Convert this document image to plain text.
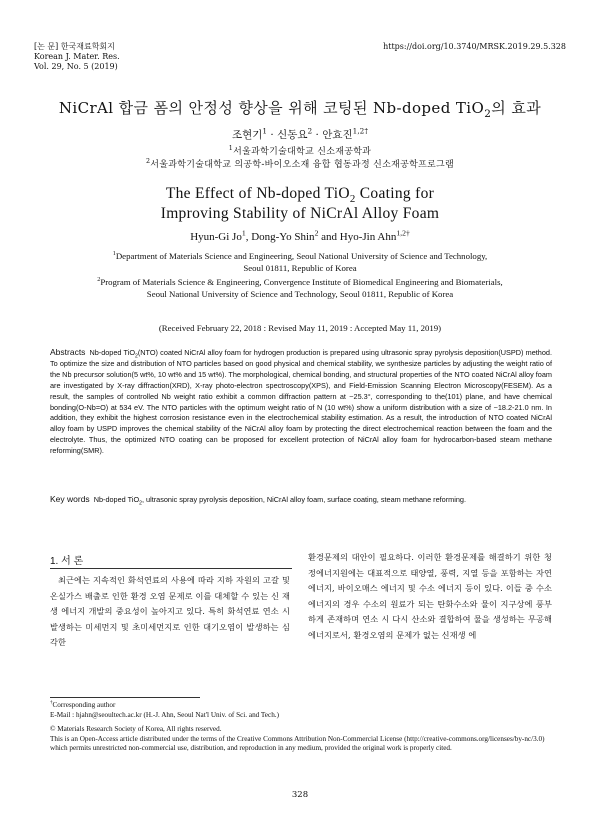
[논 문] 한국재료학회지
Korean J. Mater. Res.
Vol. 29, No. 5 (2019)
https://doi.org/10.3740/MRSK.2019.29.5.328
NiCrAl 합금 폼의 안정성 향상을 위해 코팅된 Nb-doped TiO$_2$의 효과
조현기$^1$ · 신동요$^2$ · 안효진$^{1,2\dagger}$
$^1$서울과학기술대학교 신소재공학과
$^2$서울과학기술대학교 의공학-바이오소재 융합 협동과정 신소재공학프로그램
The Effect of Nb-doped TiO$_2$ Coating for
Improving Stability of NiCrAl Alloy Foam
Hyun-Gi Jo$^1$, Dong-Yo Shin$^2$ and Hyo-Jin Ahn$^{1,2\dagger}$
$^1$Department of Materials Science and Engineering, Seoul National University of Science and Technology,
Seoul 01811, Republic of Korea
$^2$Program of Materials Science & Engineering, Convergence Institute of Biomedical Engineering and Biomaterials,
Seoul National University of Science and Technology, Seoul 01811, Republic of Korea
(Received February 22, 2018 : Revised May 11, 2019 : Accepted May 11, 2019)
Abstracts Nb-doped TiO$_2$(NTO) coated NiCrAl alloy foam for hydrogen production is prepared using ultrasonic spray pyrolysis deposition(USPD) method. To optimize the size and distribution of NTO particles based on good physical and chemical stability, we synthesize particles by adjusting the weight ratio of the Nb precursor solution(5 wt%, 10 wt% and 15 wt%). The morphological, chemical bonding, and structural properties of the NTO coated NiCrAl alloy foam are investigated by X-ray diffraction(XRD), X-ray photo-electron spectroscopy(XPS), and Field-Emission Scanning Electron Microscopy(FESEM). As a result, the samples of controlled Nb weight ratio exhibit a common diffraction pattern at ~25.3°, corresponding to the(101) plane, and have chemical bonding(O-Nb=O) at 534 eV. The NTO particles with the optimum weight ratio of N (10 wt%) show a uniform distribution with a size of ~18.2-21.0 nm. In addition, they exhibit the highest corrosion resistance even in the electrochemical stability estimation. As a result, the introduction of NTO coated NiCrAl alloy foam by USPD improves the chemical stability of the NiCrAl alloy foam by protecting the direct electrochemical reaction between the foam and the electrolyte. Thus, the optimized NTO coating can be proposed for excellent protection of NiCrAl alloy foam for hydrocarbon-based steam methane reforming(SMR).
Key words Nb-doped TiO$_2$, ultrasonic spray pyrolysis deposition, NiCrAl alloy foam, surface coating, steam methane reforming.
1. 서 론
최근에는 지속적인 화석연료의 사용에 따라 지하 자원의 고갈 및 온실가스 배출로 인한 환경 오염 문제로 이를 대체할 수 있는 신 재생 에너지 개발의 중요성이 높아지고 있다. 특히 화석연료 연소 시 발생하는 미세먼지 및 초미세먼지로 인한 대기오염이 발생하는 심각한
환경문제의 대안이 필요하다. 이러한 환경문제를 해결하기 위한 청정에너지원에는 대표적으로 태양열, 풍력, 지열 등을 포함하는 자연에너지, 바이오매스 에너지 및 수소 에너지 등이 있다. 이들 중 수소 에너지의 경우 수소의 원료가 되는 탄화수소와 물이 지구상에 풍부하게 존재하며 연소 시 다시 산소와 결합하여 물을 생성하는 무공해 에너지로서, 환경오염의 문제가 없는 신재생 에
†Corresponding author
E-Mail : hjahn@seoultech.ac.kr (H.-J. Ahn, Seoul Nat'l Univ. of Sci. and Tech.)
© Materials Research Society of Korea, All rights reserved.
This is an Open-Access article distributed under the terms of the Creative Commons Attribution Non-Commercial License (http://creative-commons.org/licenses/by-nc/3.0) which permits unrestricted non-commercial use, distribution, and reproduction in any medium, provided the original work is properly cited.
328
